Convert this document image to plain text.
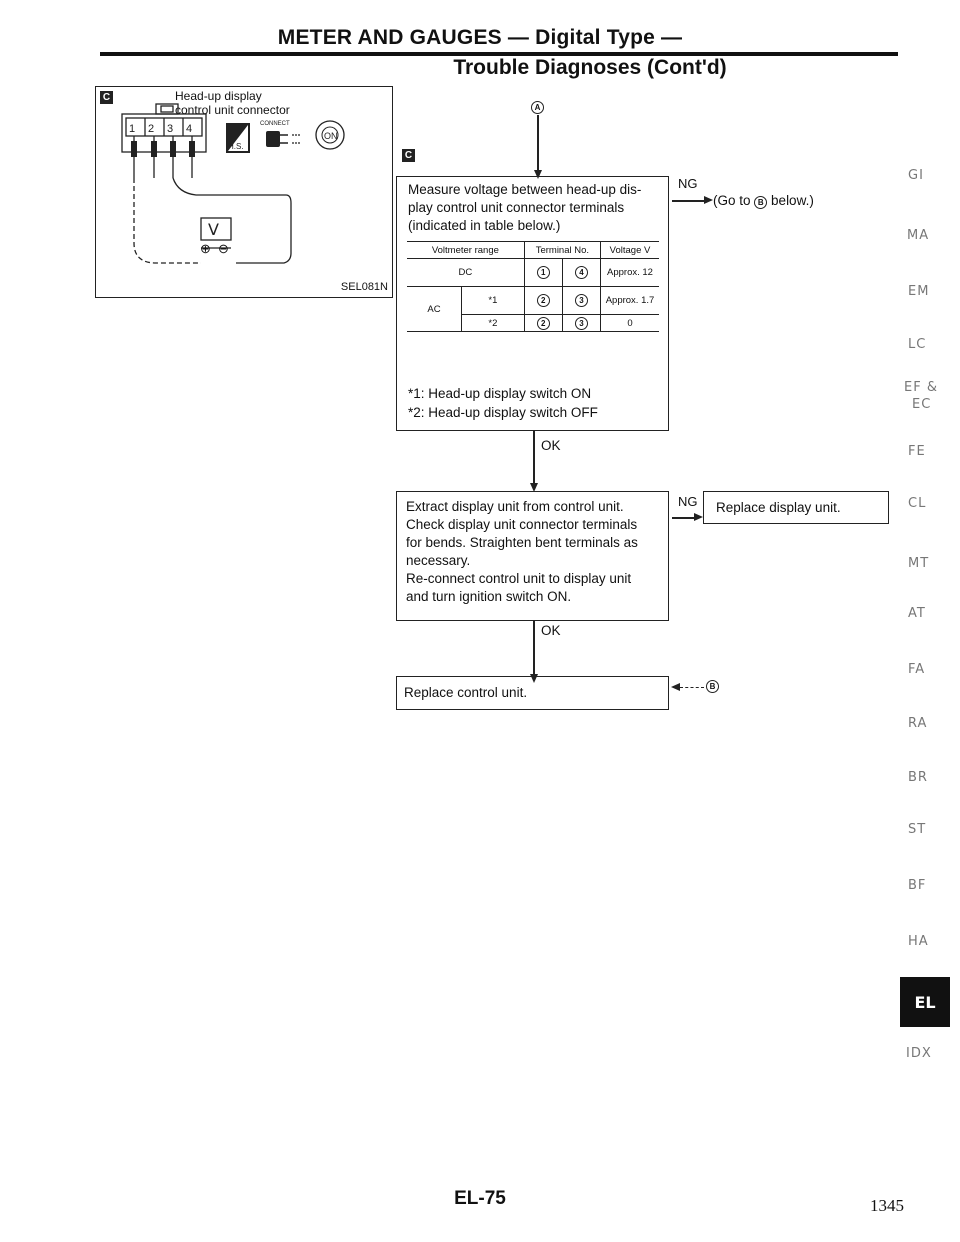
METER AND GAUGES — Digital Type —
Trouble Diagnoses (Cont'd)
C	Head-up display
control unit connector
V
1 2 3 4
H.S.
CONNECT
ON
⊕ ⊖
SEL081N
A
C
Measure voltage between head-up dis-
play control unit connector terminals
(indicated in table below.)
Voltmeter range		Terminal No.		Voltage V
DC		1	4	Approx. 12
AC	*1	2	3	Approx. 1.7
	*2	2	3	0
*1: Head-up display switch ON
*2: Head-up display switch OFF
NG
(Go to B below.)
OK
Extract display unit from control unit.
Check display unit connector terminals
for bends. Straighten bent terminals as
necessary.
Re-connect control unit to display unit
and turn ignition switch ON.
NG Replace display unit.
OK
Replace control unit.	B
GI
MA
EM
LC
EF &
EC
FE
CL
MT
AT
FA
RA
BR
ST
BF
HA
EL
IDX
EL-75	1345
